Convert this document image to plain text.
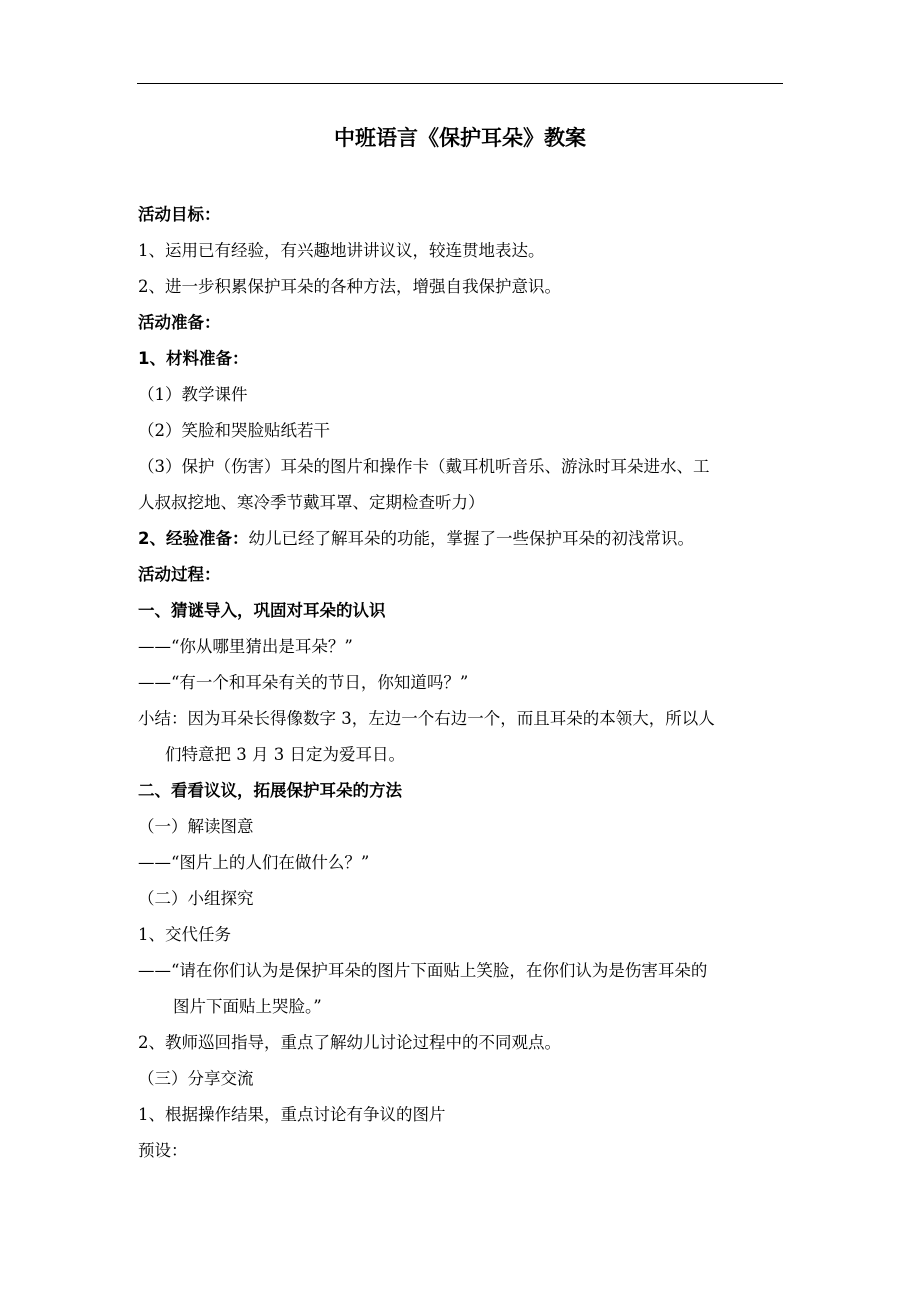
中班语言《保护耳朵》教案
活动目标：
1、运用已有经验，有兴趣地讲讲议议，较连贯地表达。
2、进一步积累保护耳朵的各种方法，增强自我保护意识。
活动准备：
1、材料准备：
（1）教学课件
（2）笑脸和哭脸贴纸若干
（3）保护（伤害）耳朵的图片和操作卡（戴耳机听音乐、游泳时耳朵进水、工
人叔叔挖地、寒冷季节戴耳罩、定期检查听力）
2、经验准备：幼儿已经了解耳朵的功能，掌握了一些保护耳朵的初浅常识。
活动过程：
一、猜谜导入，巩固对耳朵的认识
——“你从哪里猜出是耳朵？”
——“有一个和耳朵有关的节日，你知道吗？”
小结：因为耳朵长得像数字 3，左边一个右边一个，而且耳朵的本领大，所以人
们特意把 3 月 3 日定为爱耳日。
二、看看议议，拓展保护耳朵的方法
（一）解读图意
——“图片上的人们在做什么？”
（二）小组探究
1、交代任务
——“请在你们认为是保护耳朵的图片下面贴上笑脸，在你们认为是伤害耳朵的
图片下面贴上哭脸。”
2、教师巡回指导，重点了解幼儿讨论过程中的不同观点。
（三）分享交流
1、根据操作结果，重点讨论有争议的图片
预设：
